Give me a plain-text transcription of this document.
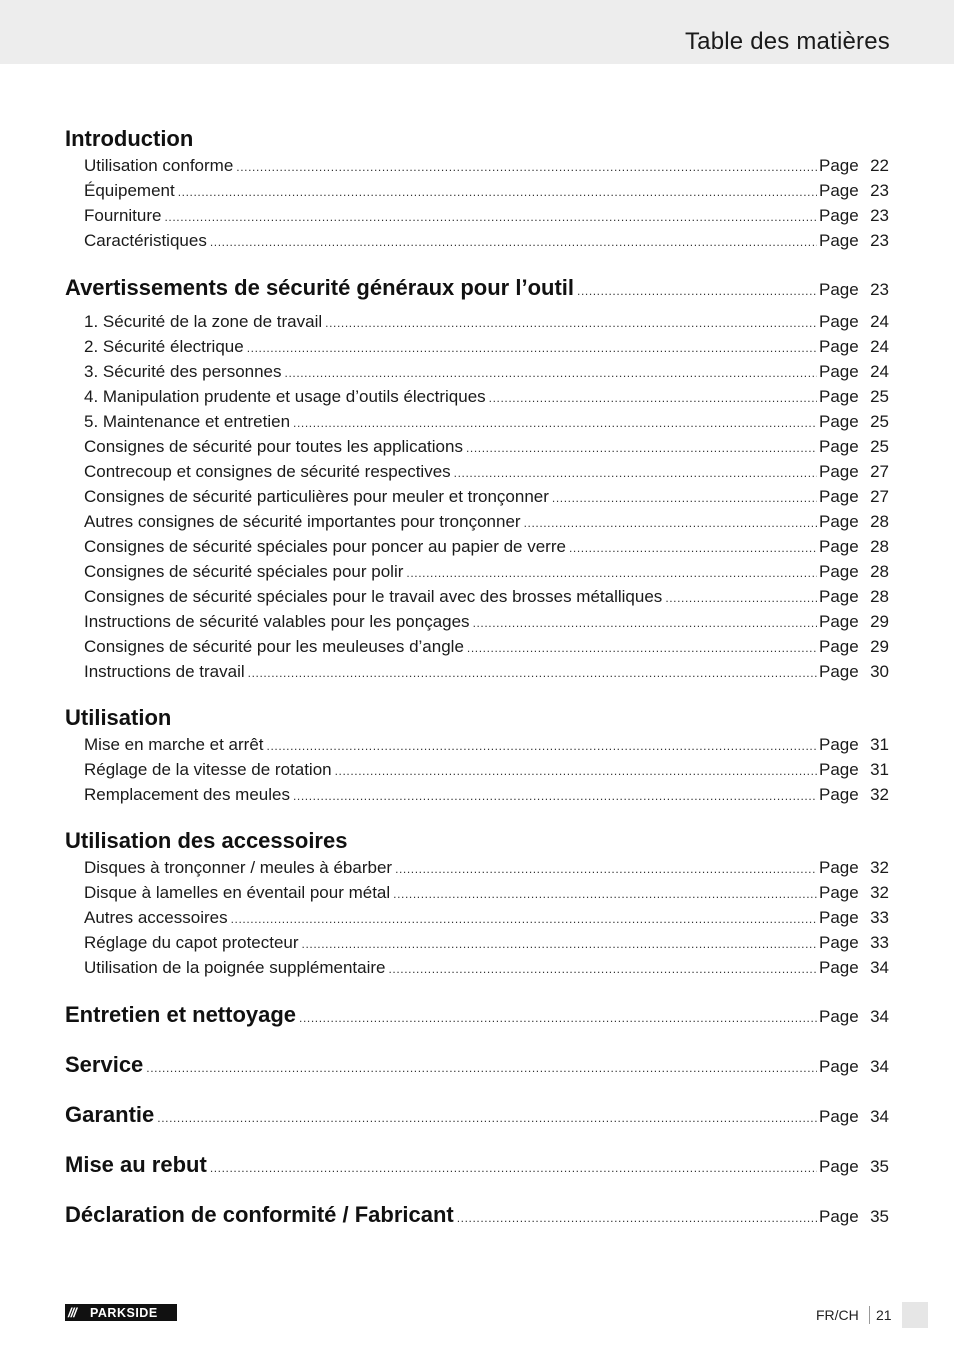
Table des matières
Introduction
Utilisation conforme .....	Page 22
Équipement .....	Page 23
Fourniture .....	Page 23
Caractéristiques .....	Page 23
Avertissements de sécurité généraux pour l’outil .....	Page 23
1. Sécurité de la zone de travail .....	Page 24
2. Sécurité électrique .....	Page 24
3. Sécurité des personnes .....	Page 24
4. Manipulation prudente et usage d’outils électriques .....	Page 25
5. Maintenance et entretien .....	Page 25
Consignes de sécurité pour toutes les applications .....	Page 25
Contrecoup et consignes de sécurité respectives .....	Page 27
Consignes de sécurité particulières pour meuler et tronçonner .....	Page 27
Autres consignes de sécurité importantes pour tronçonner .....	Page 28
Consignes de sécurité spéciales pour poncer au papier de verre .....	Page 28
Consignes de sécurité spéciales pour polir .....	Page 28
Consignes de sécurité spéciales pour le travail avec des brosses métalliques .....	Page 28
Instructions de sécurité valables pour les ponçages .....	Page 29
Consignes de sécurité pour les meuleuses d’angle .....	Page 29
Instructions de travail .....	Page 30
Utilisation
Mise en marche et arrêt .....	Page 31
Réglage de la vitesse de rotation .....	Page 31
Remplacement des meules .....	Page 32
Utilisation des accessoires
Disques à tronçonner / meules à ébarber .....	Page 32
Disque à lamelles en éventail pour métal .....	Page 32
Autres accessoires .....	Page 33
Réglage du capot protecteur .....	Page 33
Utilisation de la poignée supplémentaire .....	Page 34
Entretien et nettoyage .....	Page 34
Service .....	Page 34
Garantie .....	Page 34
Mise au rebut .....	Page 35
Déclaration de conformité / Fabricant .....	Page 35
///	PARKSIDE	FR/CH 21
